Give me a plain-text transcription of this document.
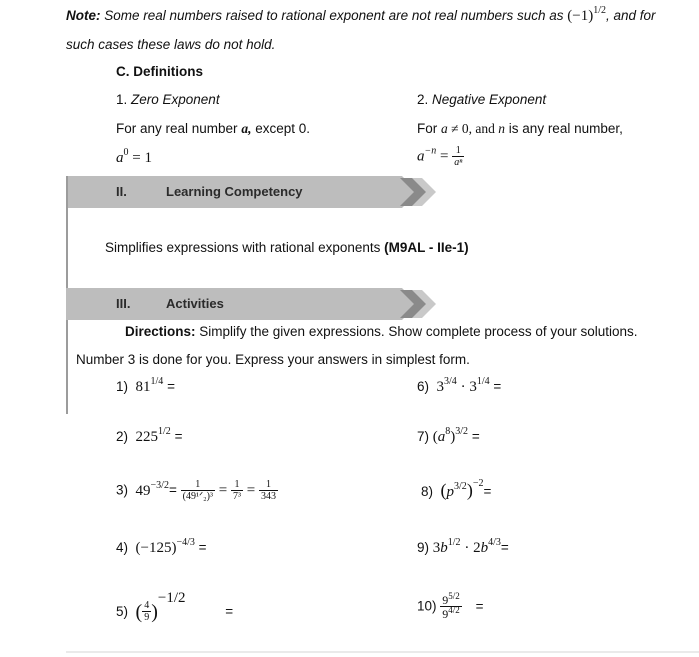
Note: Some real numbers raised to rational exponent are not real numbers such as $(-1)^{1/2}$, and for
such cases these laws do not hold.
C. Definitions
1. Zero Exponent
For any real number a, except 0.
$a^0 = 1$
2. Negative Exponent
For a ≠ 0, and n is any real number,
$a^{-n} = \frac{1}{\text{aⁿ}}$
II.	Learning Competency
Simplifies expressions with rational exponents (M9AL - IIe-1)
III.	Activities
Directions: Simplify the given expressions. Show complete process of your solutions.
Number 3 is done for you. Express your answers in simplest form.
1) $81^{1/4}$ =
2) $225^{1/2}$ =
3) $49^{-3/2}= \frac{1}{\text{(49¹ᐟ₂)³}} = \frac{1}{\text{7³}} = \frac{1}{343}$
4) $(-125)^{-4/3}$ =
5) ( $\frac{4}{9} )^{-1/2}$ =
6) $3^{3/4} \cdot 3^{1/4}$ =
7) $(a^8)^{3/2}$ =
8) $(p^{3/2})^{-2}=$
9) $3b^{1/2} \cdot 2b^{4/3}=$
$10) \frac{9^{5/2}}{9^{4/2}}$ =
